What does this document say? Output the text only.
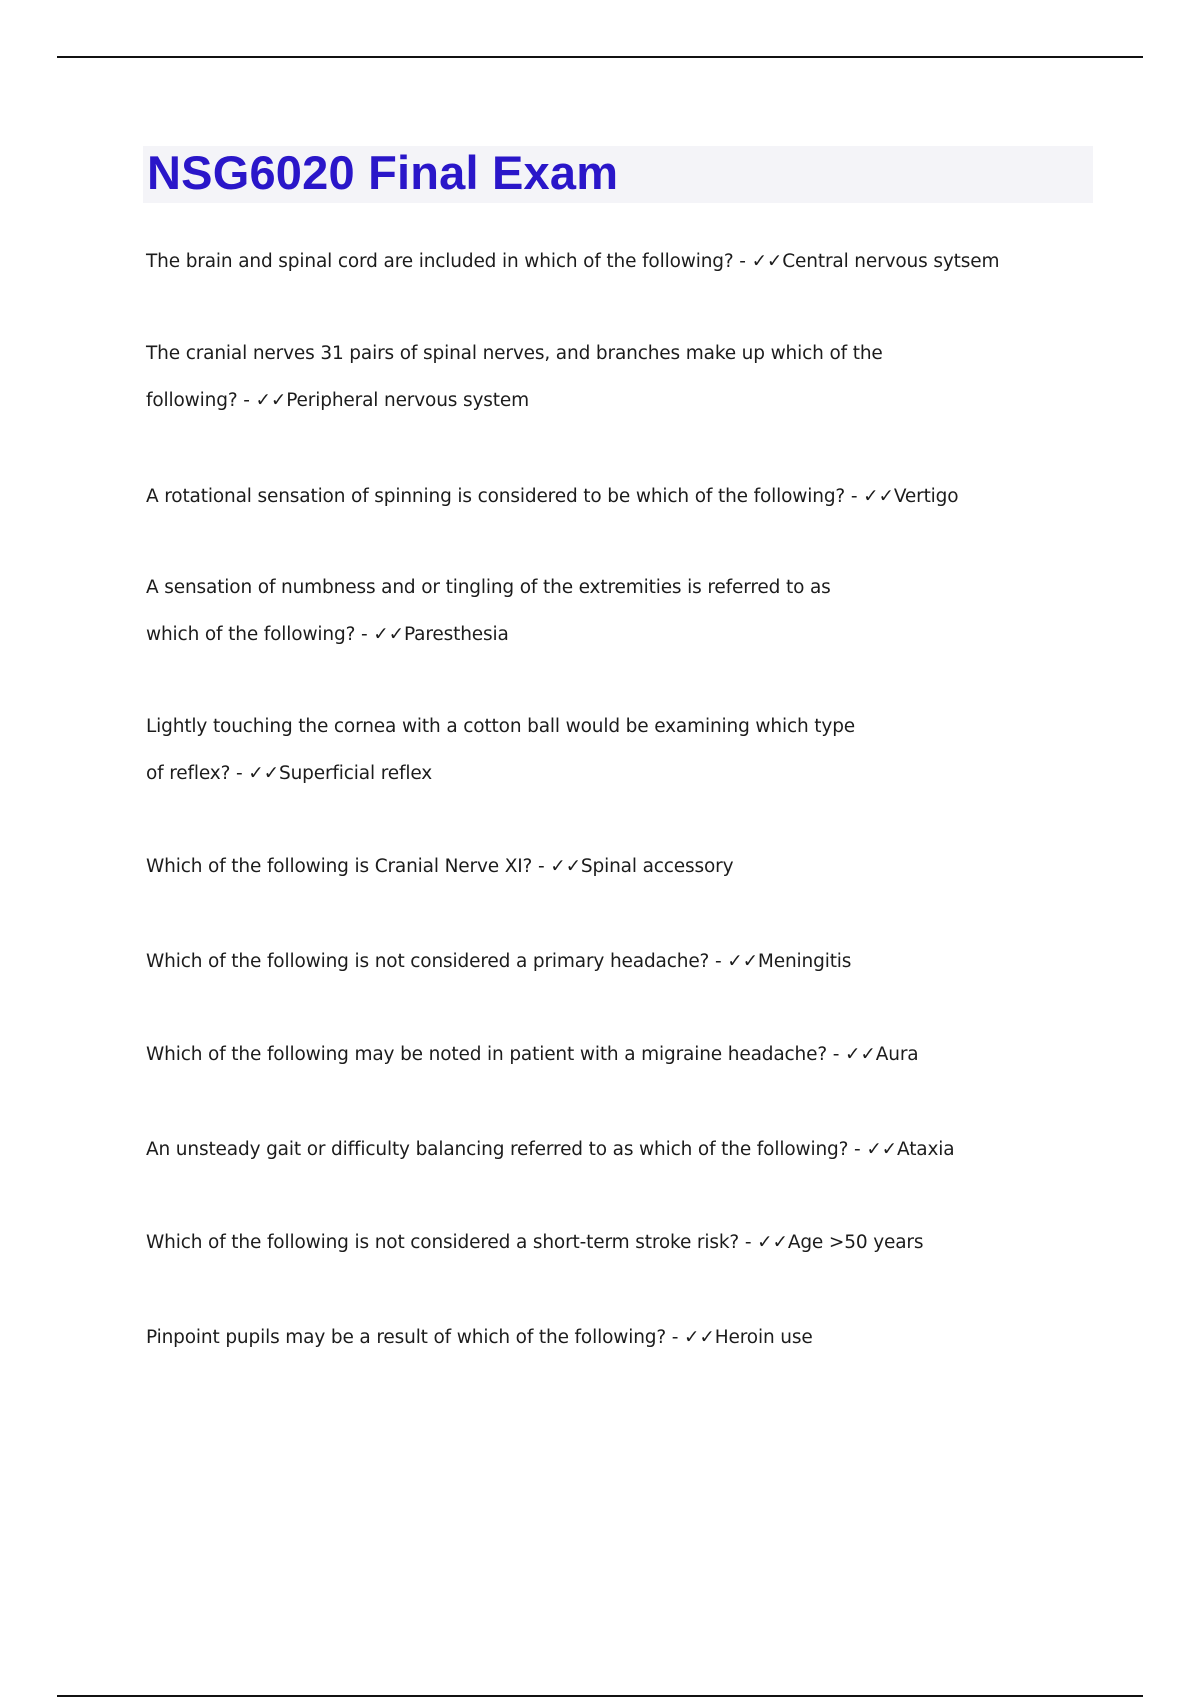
NSG6020 Final Exam

The brain and spinal cord are included in which of the following? - ✓✓Central nervous sytsem

The cranial nerves 31 pairs of spinal nerves, and branches make up which of the following? - ✓✓Peripheral nervous system

A rotational sensation of spinning is considered to be which of the following? - ✓✓Vertigo

A sensation of numbness and or tingling of the extremities is referred to as which of the following? - ✓✓Paresthesia

Lightly touching the cornea with a cotton ball would be examining which type of reflex? - ✓✓Superficial reflex

Which of the following is Cranial Nerve XI? - ✓✓Spinal accessory

Which of the following is not considered a primary headache? - ✓✓Meningitis

Which of the following may be noted in patient with a migraine headache? - ✓✓Aura

An unsteady gait or difficulty balancing referred to as which of the following? - ✓✓Ataxia

Which of the following is not considered a short-term stroke risk? - ✓✓Age >50 years

Pinpoint pupils may be a result of which of the following? - ✓✓Heroin use
